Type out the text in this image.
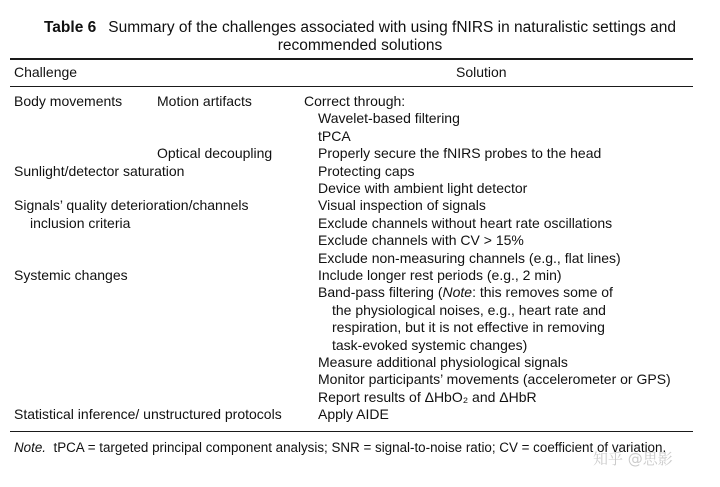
Table 6 Summary of the challenges associated with using fNIRS in naturalistic settings and
recommended solutions
Challenge	Solution
Body movements Motion artifacts	Correct through:
Wavelet-based filtering
tPCA
Optical decoupling	Properly secure the fNIRS probes to the head
Sunlight/detector saturation	Protecting caps
Device with ambient light detector
Signals’ quality deterioration/channels	Visual inspection of signals
inclusion criteria	Exclude channels without heart rate oscillations
Exclude channels with CV > 15%
Exclude non-measuring channels (e.g., flat lines)
Systemic changes	Include longer rest periods (e.g., 2 min)
Band-pass filtering (Note: this removes some of
the physiological noises, e.g., heart rate and
respiration, but it is not effective in removing
task-evoked systemic changes)
Measure additional physiological signals
Monitor participants’ movements (accelerometer or GPS)
Report results of ΔHbO₂ and ΔHbR
Statistical inference/ unstructured protocols	Apply AIDE
Note. tPCA = targeted principal component analysis; SNR = signal-to-noise ratio; CV = coefficient of variation.
知乎 @思影
